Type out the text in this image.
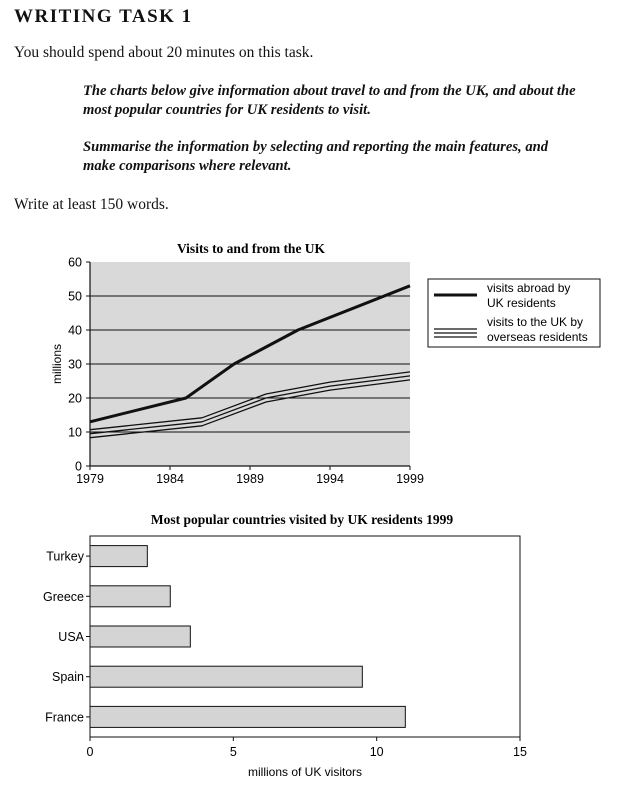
WRITING TASK 1
You should spend about 20 minutes on this task.
The charts below give information about travel to and from the UK, and about the most popular countries for UK residents to visit.
Summarise the information by selecting and reporting the main features, and make comparisons where relevant.
Write at least 150 words.
Visits to and from the UK
0
10
20
30
40
50
60
1979	1984	1989	1994	1999
millions
visits abroad by
UK residents
visits to the UK by
overseas residents
Most popular countries visited by UK residents 1999
Turkey
Greece
USA
Spain
France
0	5	10	15
millions of UK visitors
